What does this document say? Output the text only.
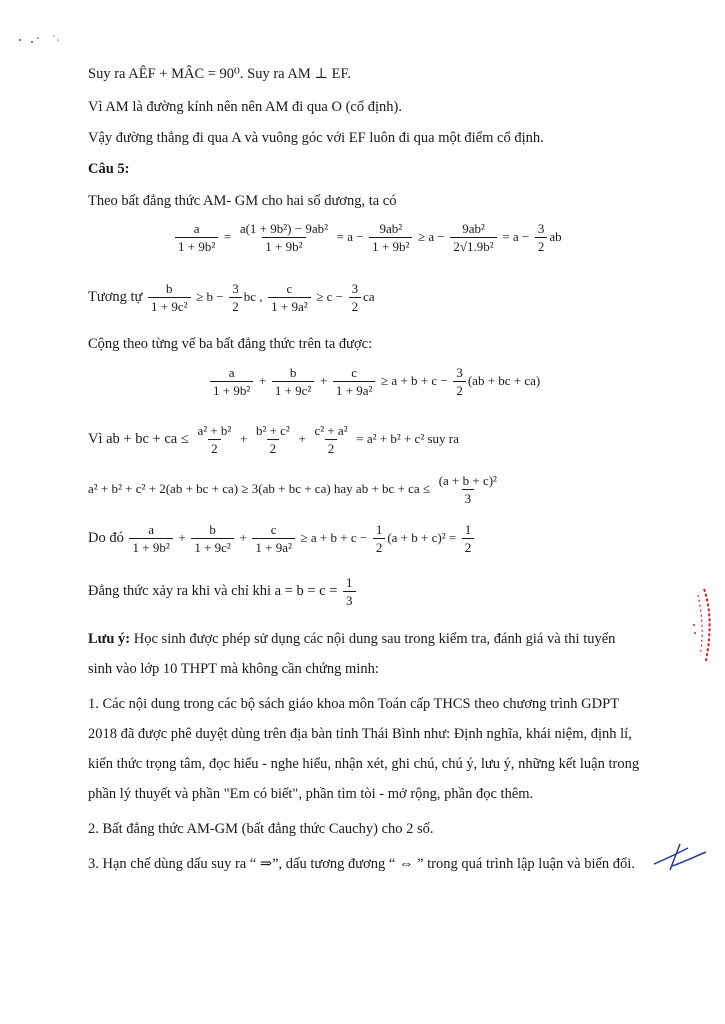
Suy ra AÊF + MÂC = 90⁰. Suy ra AM ⊥ EF.
Vì AM là đường kính nên nên AM đi qua O (cố định).
Vậy đường thẳng đi qua A và vuông góc với EF luôn đi qua một điểm cố định.
Câu 5:
Theo bất đẳng thức AM- GM cho hai số dương, ta có
$\frac{a}{\text{1 + 9b²}} = \frac{\text{a(1 + 9b²) − 9ab²}}{\text{1 + 9b²}} = a - \frac{\text{9ab²}}{\text{1 + 9b²}} \ge a - \frac{\text{9ab²}}{\text{2√1.9b²}} = a - \frac{3}{2}$ ab
Tương tự $\frac{b}{\text{1 + 9c²}} \ge b - \frac{3}{2}$ bc , $\frac{c}{\text{1 + 9a²}} \ge c - \frac{3}{2}$ ca
Cộng theo từng vế ba bất đẳng thức trên ta được:
$\frac{a}{\text{1 + 9b²}} + \frac{b}{\text{1 + 9c²}} + \frac{c}{\text{1 + 9a²}} \ge a + b + c - \frac{3}{2} (ab$ + bc + ca)
Vì ab + bc + ca ≤ $\frac{\text{a² + b²}}{2} + \frac{\text{b² + c²}}{2} + \frac{\text{c² + a²}}{2} = a^2 + b^2 + c^2$ suy ra
a² + b² + c² + 2(ab + bc + ca) ≥ 3(ab + bc + ca) hay ab + bc + ca ≤ $\frac{\text{(a + b + c)²}}{3}$
Do đó $\frac{a}{\text{1 + 9b²}} + \frac{b}{\text{1 + 9c²}} + \frac{c}{\text{1 + 9a²}} \ge a + b + c - \frac{1}{2} (a + b + c)^2 = \frac{1}{2}$
Đẳng thức xảy ra khi và chỉ khi $a = b = c = \frac{1}{3}$
Lưu ý: Học sinh được phép sử dụng các nội dung sau trong kiểm tra, đánh giá và thi tuyển
sinh vào lớp 10 THPT mà không cần chứng minh:
1. Các nội dung trong các bộ sách giáo khoa môn Toán cấp THCS theo chương trình GDPT
2018 đã được phê duyệt dùng trên địa bàn tỉnh Thái Bình như: Định nghĩa, khái niệm, định lí,
kiến thức trọng tâm, đọc hiểu - nghe hiểu, nhận xét, ghi chú, chú ý, lưu ý, những kết luận trong
phần lý thuyết và phần "Em có biết", phần tìm tòi - mở rộng, phần đọc thêm.
2. Bất đẳng thức AM-GM (bất đẳng thức Cauchy) cho 2 số.
3. Hạn chế dùng dấu suy ra “ ⇒”, dấu tương đương “ ⇔ ” trong quá trình lập luận và biến đổi.
